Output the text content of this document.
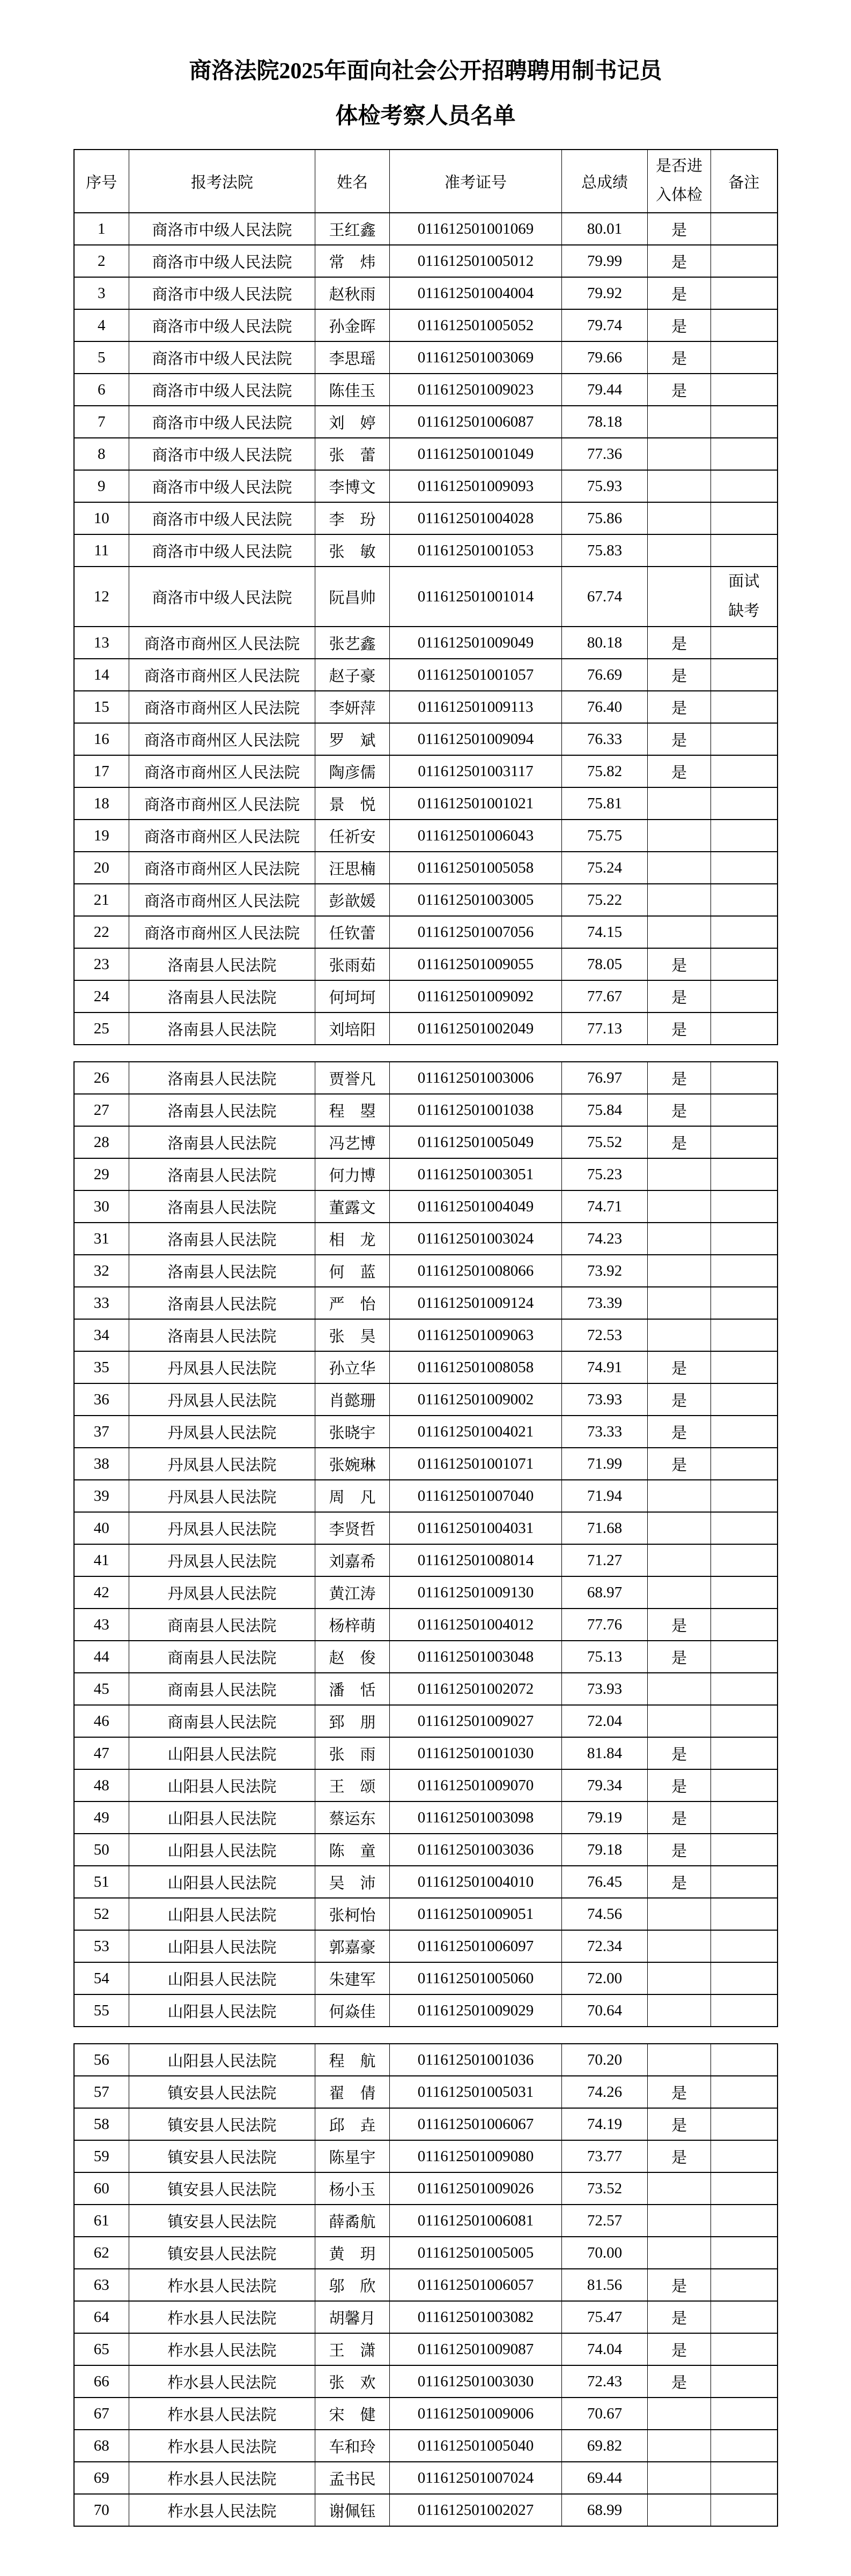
商洛法院2025年面向社会公开招聘聘用制书记员
体检考察人员名单
序号	报考法院	姓名	准考证号	总成绩	是否进入体检	备注
1	商洛市中级人民法院	王红鑫	011612501001069	80.01	是	
2	商洛市中级人民法院	常　炜	011612501005012	79.99	是	
3	商洛市中级人民法院	赵秋雨	011612501004004	79.92	是	
4	商洛市中级人民法院	孙金晖	011612501005052	79.74	是	
5	商洛市中级人民法院	李思瑶	011612501003069	79.66	是	
6	商洛市中级人民法院	陈佳玉	011612501009023	79.44	是	
7	商洛市中级人民法院	刘　婷	011612501006087	78.18		
8	商洛市中级人民法院	张　蕾	011612501001049	77.36		
9	商洛市中级人民法院	李博文	011612501009093	75.93		
10	商洛市中级人民法院	李　玢	011612501004028	75.86		
11	商洛市中级人民法院	张　敏	011612501001053	75.83		
12	商洛市中级人民法院	阮昌帅	011612501001014	67.74		面试缺考
13	商洛市商州区人民法院	张艺鑫	011612501009049	80.18	是	
14	商洛市商州区人民法院	赵子豪	011612501001057	76.69	是	
15	商洛市商州区人民法院	李妍萍	011612501009113	76.40	是	
16	商洛市商州区人民法院	罗　斌	011612501009094	76.33	是	
17	商洛市商州区人民法院	陶彦儒	011612501003117	75.82	是	
18	商洛市商州区人民法院	景　悦	011612501001021	75.81		
19	商洛市商州区人民法院	任祈安	011612501006043	75.75		
20	商洛市商州区人民法院	汪思楠	011612501005058	75.24		
21	商洛市商州区人民法院	彭歆媛	011612501003005	75.22		
22	商洛市商州区人民法院	任钦蕾	011612501007056	74.15		
23	洛南县人民法院	张雨茹	011612501009055	78.05	是	
24	洛南县人民法院	何坷坷	011612501009092	77.67	是	
25	洛南县人民法院	刘培阳	011612501002049	77.13	是	
26	洛南县人民法院	贾誉凡	011612501003006	76.97	是	
27	洛南县人民法院	程　曌	011612501001038	75.84	是	
28	洛南县人民法院	冯艺博	011612501005049	75.52	是	
29	洛南县人民法院	何力博	011612501003051	75.23		
30	洛南县人民法院	董露文	011612501004049	74.71		
31	洛南县人民法院	相　龙	011612501003024	74.23		
32	洛南县人民法院	何　蓝	011612501008066	73.92		
33	洛南县人民法院	严　怡	011612501009124	73.39		
34	洛南县人民法院	张　昊	011612501009063	72.53		
35	丹凤县人民法院	孙立华	011612501008058	74.91	是	
36	丹凤县人民法院	肖懿珊	011612501009002	73.93	是	
37	丹凤县人民法院	张晓宇	011612501004021	73.33	是	
38	丹凤县人民法院	张婉琳	011612501001071	71.99	是	
39	丹凤县人民法院	周　凡	011612501007040	71.94		
40	丹凤县人民法院	李贤哲	011612501004031	71.68		
41	丹凤县人民法院	刘嘉希	011612501008014	71.27		
42	丹凤县人民法院	黄江涛	011612501009130	68.97		
43	商南县人民法院	杨梓萌	011612501004012	77.76	是	
44	商南县人民法院	赵　俊	011612501003048	75.13	是	
45	商南县人民法院	潘　恬	011612501002072	73.93		
46	商南县人民法院	郅　朋	011612501009027	72.04		
47	山阳县人民法院	张　雨	011612501001030	81.84	是	
48	山阳县人民法院	王　颂	011612501009070	79.34	是	
49	山阳县人民法院	蔡运东	011612501003098	79.19	是	
50	山阳县人民法院	陈　童	011612501003036	79.18	是	
51	山阳县人民法院	吴　沛	011612501004010	76.45	是	
52	山阳县人民法院	张柯怡	011612501009051	74.56		
53	山阳县人民法院	郭嘉豪	011612501006097	72.34		
54	山阳县人民法院	朱建军	011612501005060	72.00		
55	山阳县人民法院	何焱佳	011612501009029	70.64		
56	山阳县人民法院	程　航	011612501001036	70.20		
57	镇安县人民法院	翟　倩	011612501005031	74.26	是	
58	镇安县人民法院	邱　垚	011612501006067	74.19	是	
59	镇安县人民法院	陈星宇	011612501009080	73.77	是	
60	镇安县人民法院	杨小玉	011612501009026	73.52		
61	镇安县人民法院	薛矞航	011612501006081	72.57		
62	镇安县人民法院	黄　玥	011612501005005	70.00		
63	柞水县人民法院	邬　欣	011612501006057	81.56	是	
64	柞水县人民法院	胡馨月	011612501003082	75.47	是	
65	柞水县人民法院	王　潇	011612501009087	74.04	是	
66	柞水县人民法院	张　欢	011612501003030	72.43	是	
67	柞水县人民法院	宋　健	011612501009006	70.67		
68	柞水县人民法院	车和玲	011612501005040	69.82		
69	柞水县人民法院	孟书民	011612501007024	69.44		
70	柞水县人民法院	谢佩钰	011612501002027	68.99		
